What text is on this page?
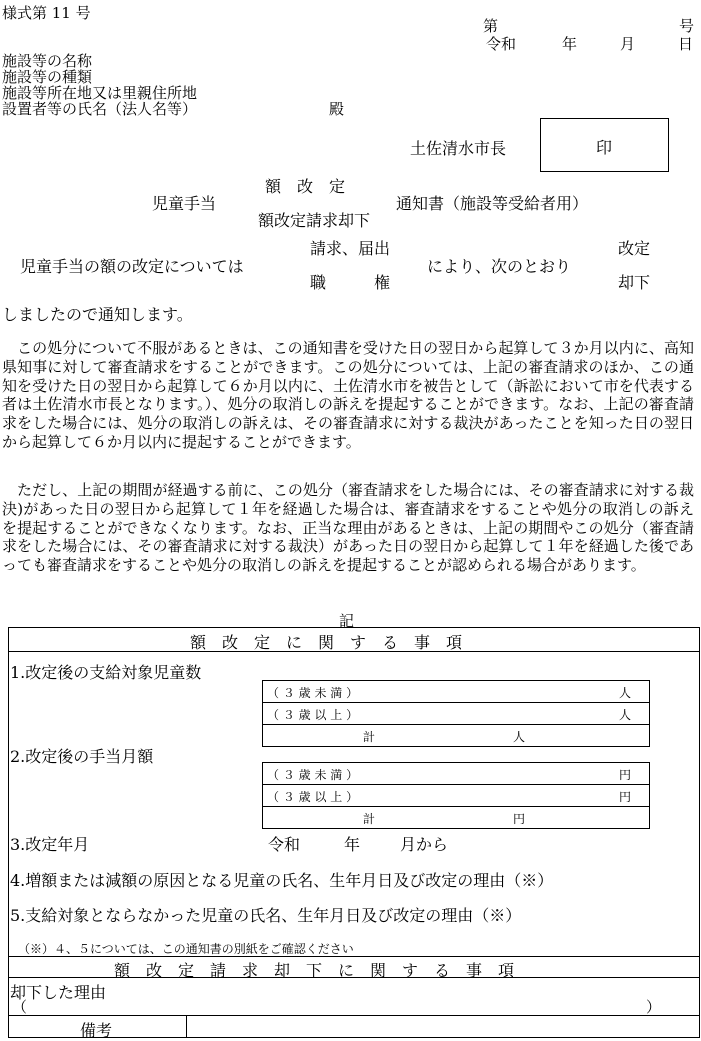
様式第 11 号
第	号
令和	年	月	日
施設等の名称
施設等の種類
施設等所在地又は里親住所地
設置者等の氏名（法人名等）	殿
土佐清水市長	印
額　改　定
児童手当	通知書（施設等受給者用）
額改定請求却下
請求、届出
児童手当の額の改定については	により、次のとおり
職　　　権
改定
却下
しましたので通知します。
　この処分について不服があるときは、この通知書を受けた日の翌日から起算して３か月以内に、高知県知事に対して審査請求をすることができます。この処分については、上記の審査請求のほか、この通知を受けた日の翌日から起算して６か月以内に、土佐清水市を被告として（訴訟において市を代表する者は土佐清水市長となります。）、処分の取消しの訴えを提起することができます。なお、上記の審査請求をした場合には、処分の取消しの訴えは、その審査請求に対する裁決があったことを知った日の翌日から起算して６か月以内に提起することができます。
　ただし、上記の期間が経過する前に、この処分（審査請求をした場合には、その審査請求に対する裁決)があった日の翌日から起算して１年を経過した場合は、審査請求をすることや処分の取消しの訴えを提起することができなくなります。なお、正当な理由があるときは、上記の期間やこの処分（審査請求をした場合には、その審査請求に対する裁決）があった日の翌日から起算して１年を経過した後であっても審査請求をすることや処分の取消しの訴えを提起することが認められる場合があります。
記
額　改　定　に　関　す　る　事　項
1.改定後の支給対象児童数
（ ３ 歳 未 満 ）	人
（ ３ 歳 以 上 ）	人
計	人
2.改定後の手当月額
（ ３ 歳 未 満 ）	円
（ ３ 歳 以 上 ）	円
計	円
3.改定年月	令和	年 月から
4.増額または減額の原因となる児童の氏名、生年月日及び改定の理由（※）
5.支給対象とならなかった児童の氏名、生年月日及び改定の理由（※）
（※）４、５については、この通知書の別紙をご確認ください
額　改　定　請　求　却　下　に　関　す　る　事　項
却下した理由
（	）
備考
